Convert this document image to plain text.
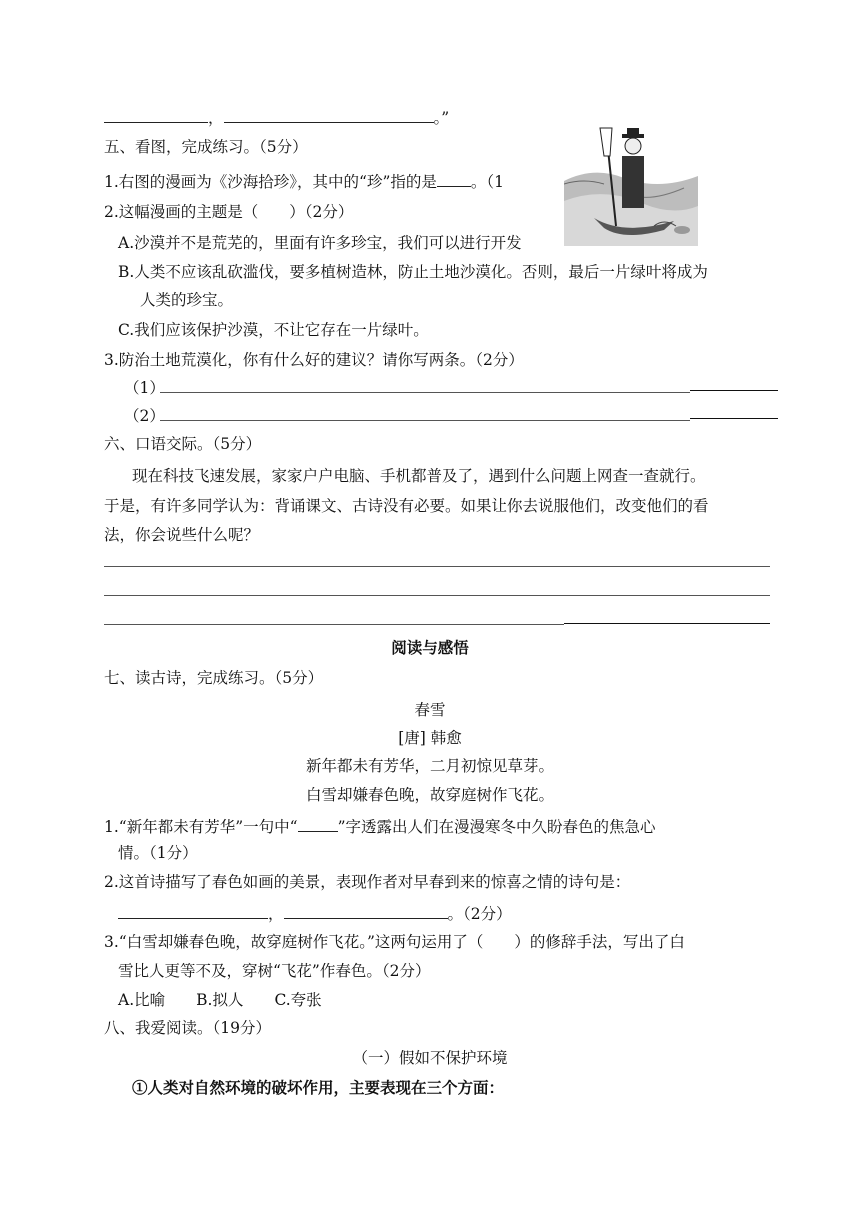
，	。”
五、看图，完成练习。（5分）
1.右图的漫画为《沙海拾珍》，其中的“珍”指的是 。（1
2.这幅漫画的主题是（　　）（2分）
A.沙漠并不是荒芜的，里面有许多珍宝，我们可以进行开发
B.人类不应该乱砍滥伐，要多植树造林，防止土地沙漠化。否则，最后一片绿叶将成为
人类的珍宝。
C.我们应该保护沙漠，不让它存在一片绿叶。
3.防治土地荒漠化，你有什么好的建议？请你写两条。（2分）
（1）
（2）
六、口语交际。（5分）
现在科技飞速发展，家家户户电脑、手机都普及了，遇到什么问题上网查一查就行。
于是，有许多同学认为：背诵课文、古诗没有必要。如果让你去说服他们，改变他们的看
法，你会说些什么呢？
阅读与感悟
七、读古诗，完成练习。（5分）
春雪
[唐] 韩愈
新年都未有芳华，二月初惊见草芽。
白雪却嫌春色晚，故穿庭树作飞花。
1.“新年都未有芳华”一句中“	”字透露出人们在漫漫寒冬中久盼春色的焦急心
情。（1分）
2.这首诗描写了春色如画的美景，表现作者对早春到来的惊喜之情的诗句是：
，	。（2分）
3.“白雪却嫌春色晚，故穿庭树作飞花。”这两句运用了（　　）的修辞手法，写出了白
雪比人更等不及，穿树“飞花”作春色。（2分）
A.比喻　　B.拟人　　C.夸张
八、我爱阅读。（19分）
（一）假如不保护环境
①人类对自然环境的破坏作用，主要表现在三个方面：
